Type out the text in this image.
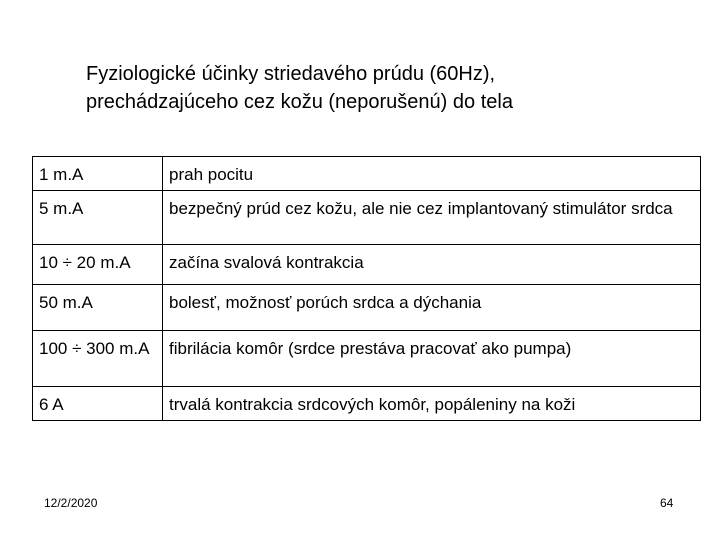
Fyziologické účinky striedavého prúdu (60Hz),
prechádzajúceho cez kožu (neporušenú) do tela
1 m.A	prah pocitu
5 m.A	bezpečný prúd cez kožu, ale nie cez implantovaný stimulátor srdca
10 ÷ 20 m.A	začína svalová kontrakcia
50 m.A	bolesť, možnosť porúch srdca a dýchania
100 ÷ 300 m.A	fibrilácia komôr (srdce prestáva pracovať ako pumpa)
6 A	trvalá kontrakcia srdcových komôr, popáleniny na koži
12/2/2020	64
